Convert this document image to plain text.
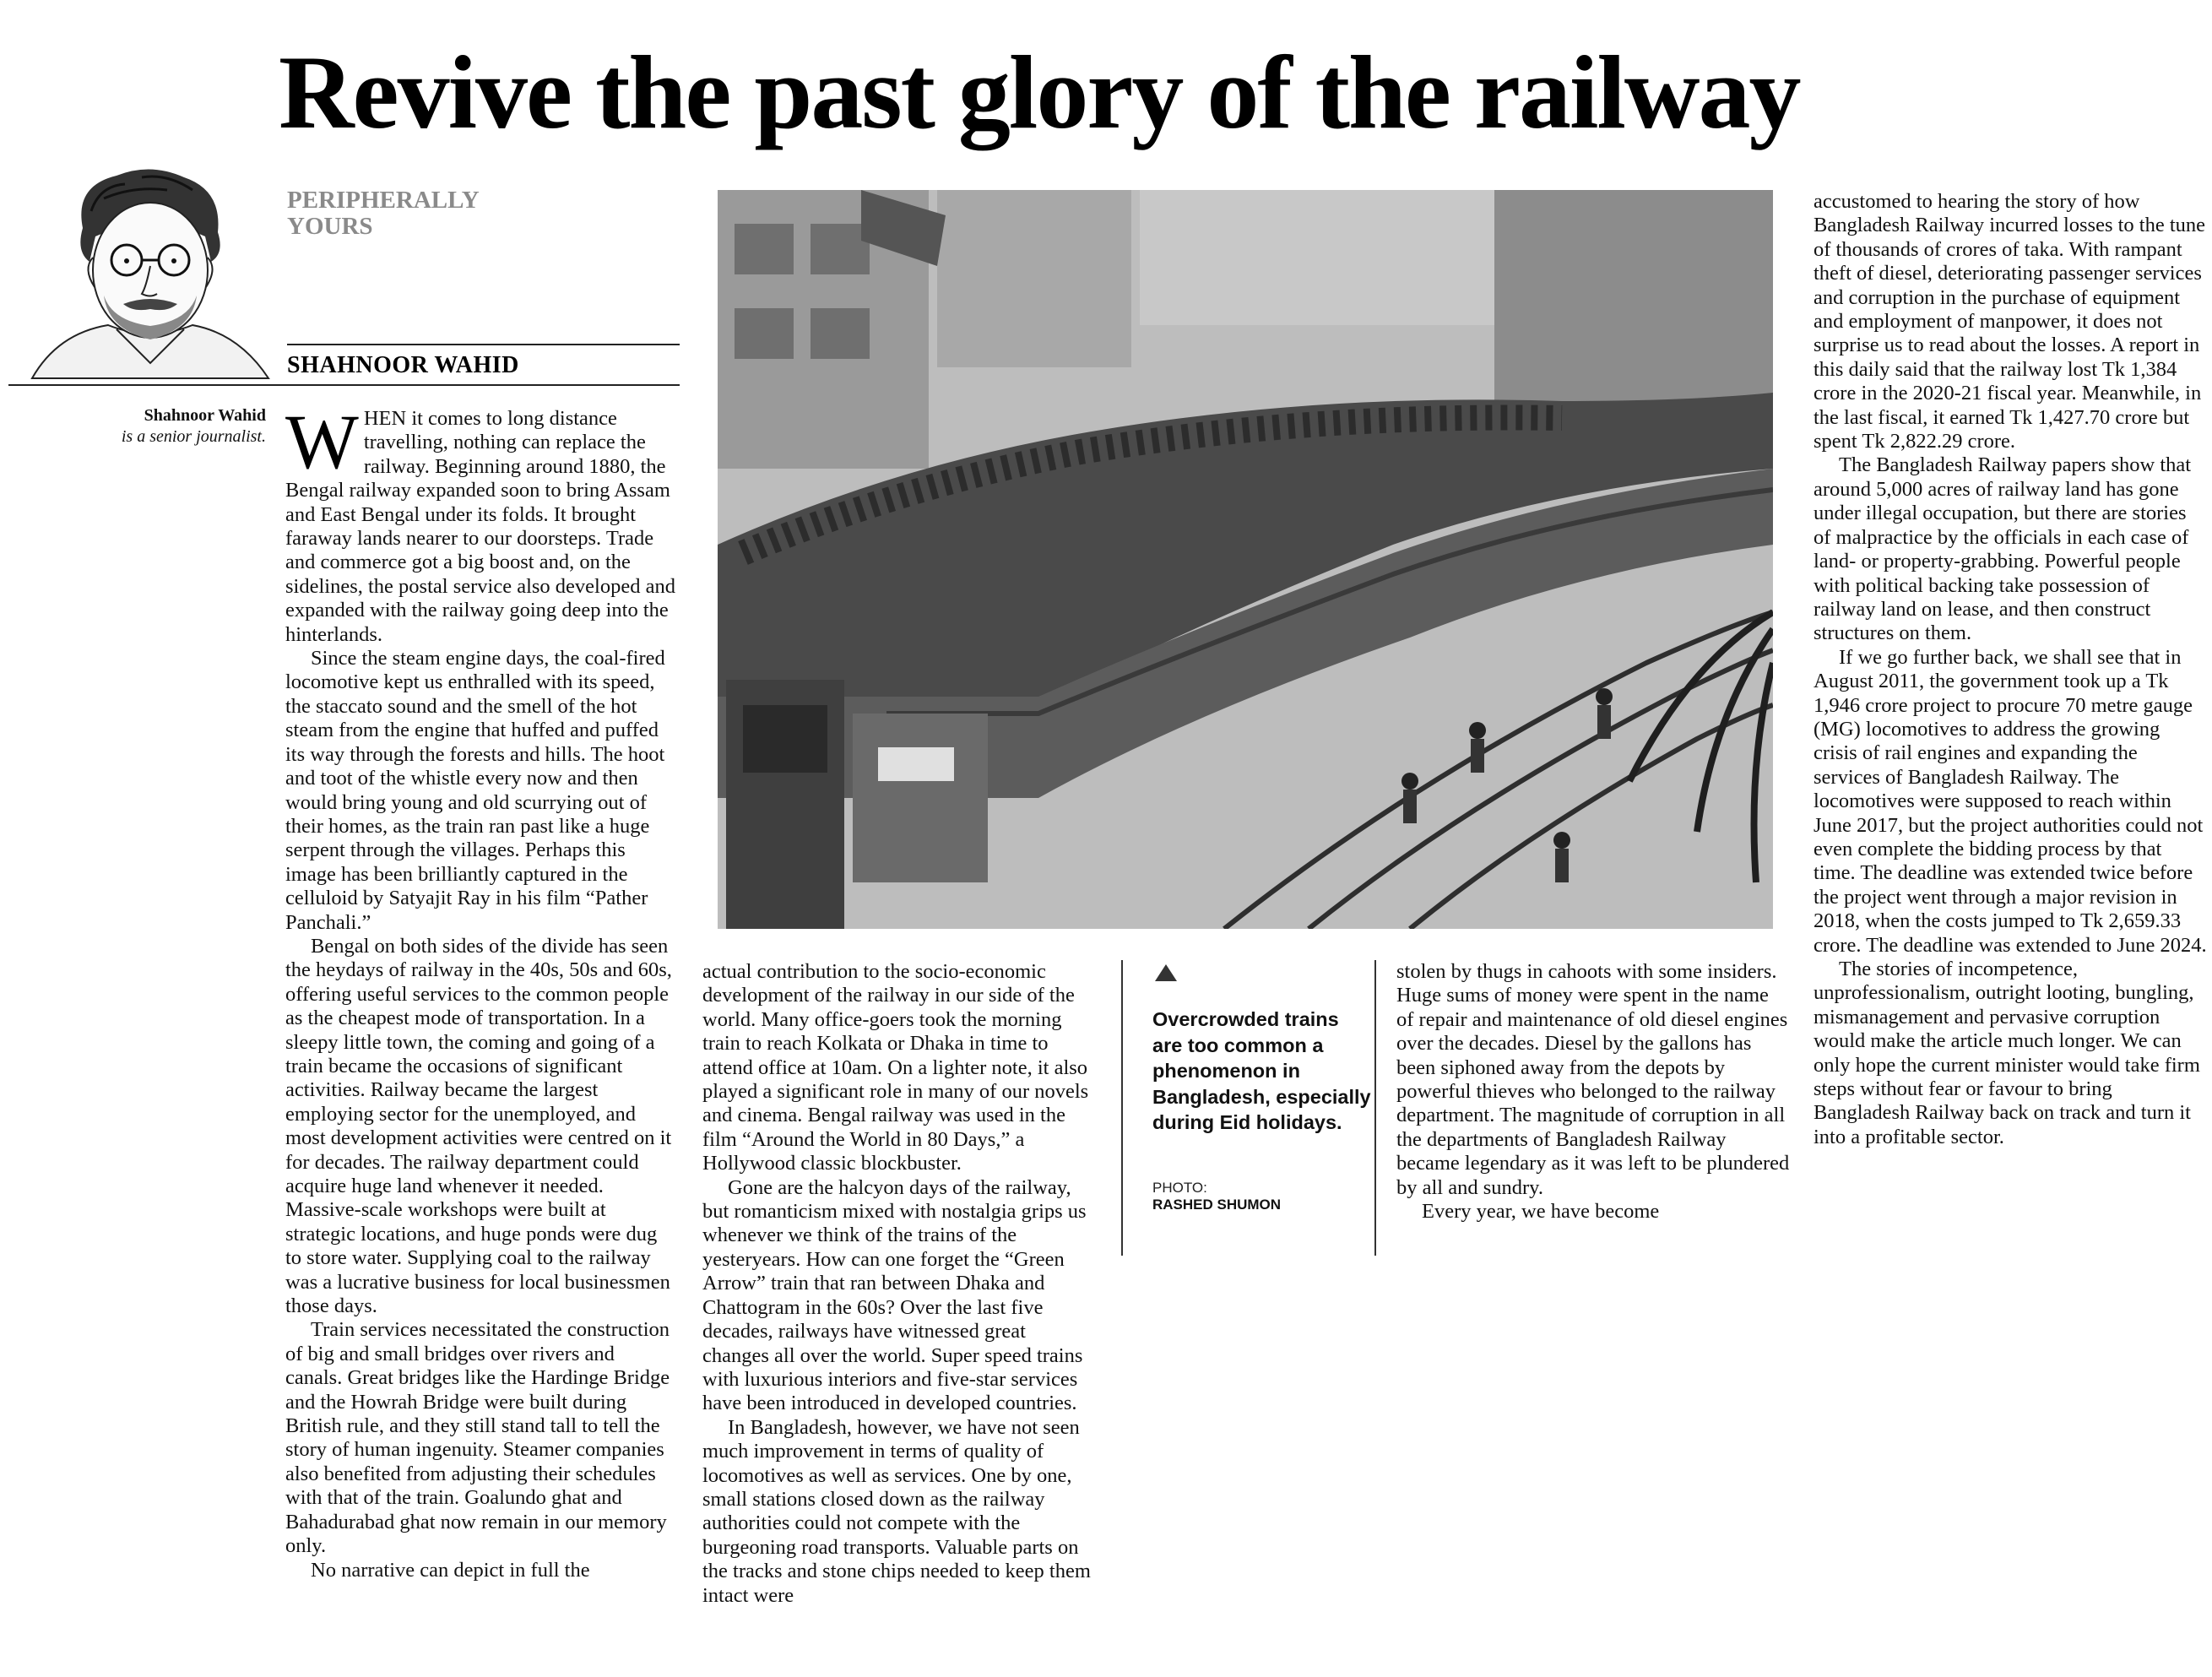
Revive the past glory of the railway
PERIPHERALLY
YOURS
SHAHNOOR WAHID
Shahnoor Wahid
is a senior journalist. WHEN it comes to long distance travelling, nothing can replace the railway. Beginning around 1880, the Bengal railway expanded soon to bring Assam and East Bengal under its folds. It brought faraway lands nearer to our doorsteps. Trade and commerce got a big boost and, on the sidelines, the postal service also developed and expanded with the railway going deep into the hinterlands.

Since the steam engine days, the coal-fired locomotive kept us enthralled with its speed, the staccato sound and the smell of the hot steam from the engine that huffed and puffed its way through the forests and hills. The hoot and toot of the whistle every now and then would bring young and old scurrying out of their homes, as the train ran past like a huge serpent through the villages. Perhaps this image has been brilliantly captured in the celluloid by Satyajit Ray in his film “Pather Panchali.”

Bengal on both sides of the divide has seen the heydays of railway in the 40s, 50s and 60s, offering useful services to the common people as the cheapest mode of transportation. In a sleepy little town, the coming and going of a train became the occasions of significant activities. Railway became the largest employing sector for the unemployed, and most development activities were centred on it for decades. The railway department could acquire huge land whenever it needed. Massive-scale workshops were built at strategic locations, and huge ponds were dug to store water. Supplying coal to the railway was a lucrative business for local businessmen those days.

Train services necessitated the construction of big and small bridges over rivers and canals. Great bridges like the Hardinge Bridge and the Howrah Bridge were built during British rule, and they still stand tall to tell the story of human ingenuity. Steamer companies also benefited from adjusting their schedules with that of the train. Goalundo ghat and Bahadurabad ghat now remain in our memory only.

No narrative can depict in full the

actual contribution to the socio-economic development of the railway in our side of the world. Many office-goers took the morning train to reach Kolkata or Dhaka in time to attend office at 10am. On a lighter note, it also played a significant role in many of our novels and cinema. Bengal railway was used in the film “Around the World in 80 Days,” a Hollywood classic blockbuster.

Gone are the halcyon days of the railway, but romanticism mixed with nostalgia grips us whenever we think of the trains of the yesteryears. How can one forget the “Green Arrow” train that ran between Dhaka and Chattogram in the 60s? Over the last five decades, railways have witnessed great changes all over the world. Super speed trains with luxurious interiors and five-star services have been introduced in developed countries.

In Bangladesh, however, we have not seen much improvement in terms of quality of locomotives as well as services. One by one, small stations closed down as the railway authorities could not compete with the burgeoning road transports. Valuable parts on the tracks and stone chips needed to keep them intact were

Overcrowded trains are too common a phenomenon in Bangladesh, especially during Eid holidays.
PHOTO:
RASHED SHUMON

stolen by thugs in cahoots with some insiders. Huge sums of money were spent in the name of repair and maintenance of old diesel engines over the decades. Diesel by the gallons has been siphoned away from the depots by powerful thieves who belonged to the railway department. The magnitude of corruption in all the departments of Bangladesh Railway became legendary as it was left to be plundered by all and sundry.

Every year, we have become

accustomed to hearing the story of how Bangladesh Railway incurred losses to the tune of thousands of crores of taka. With rampant theft of diesel, deteriorating passenger services and corruption in the purchase of equipment and employment of manpower, it does not surprise us to read about the losses. A report in this daily said that the railway lost Tk 1,384 crore in the 2020-21 fiscal year. Meanwhile, in the last fiscal, it earned Tk 1,427.70 crore but spent Tk 2,822.29 crore.

The Bangladesh Railway papers show that around 5,000 acres of railway land has gone under illegal occupation, but there are stories of malpractice by the officials in each case of land- or property-grabbing. Powerful people with political backing take possession of railway land on lease, and then construct structures on them.

If we go further back, we shall see that in August 2011, the government took up a Tk 1,946 crore project to procure 70 metre gauge (MG) locomotives to address the growing crisis of rail engines and expanding the services of Bangladesh Railway. The locomotives were supposed to reach within June 2017, but the project authorities could not even complete the bidding process by that time. The deadline was extended twice before the project went through a major revision in 2018, when the costs jumped to Tk 2,659.33 crore. The deadline was extended to June 2024.

The stories of incompetence, unprofessionalism, outright looting, bungling, mismanagement and pervasive corruption would make the article much longer. We can only hope the current minister would take firm steps without fear or favour to bring Bangladesh Railway back on track and turn it into a profitable sector.
